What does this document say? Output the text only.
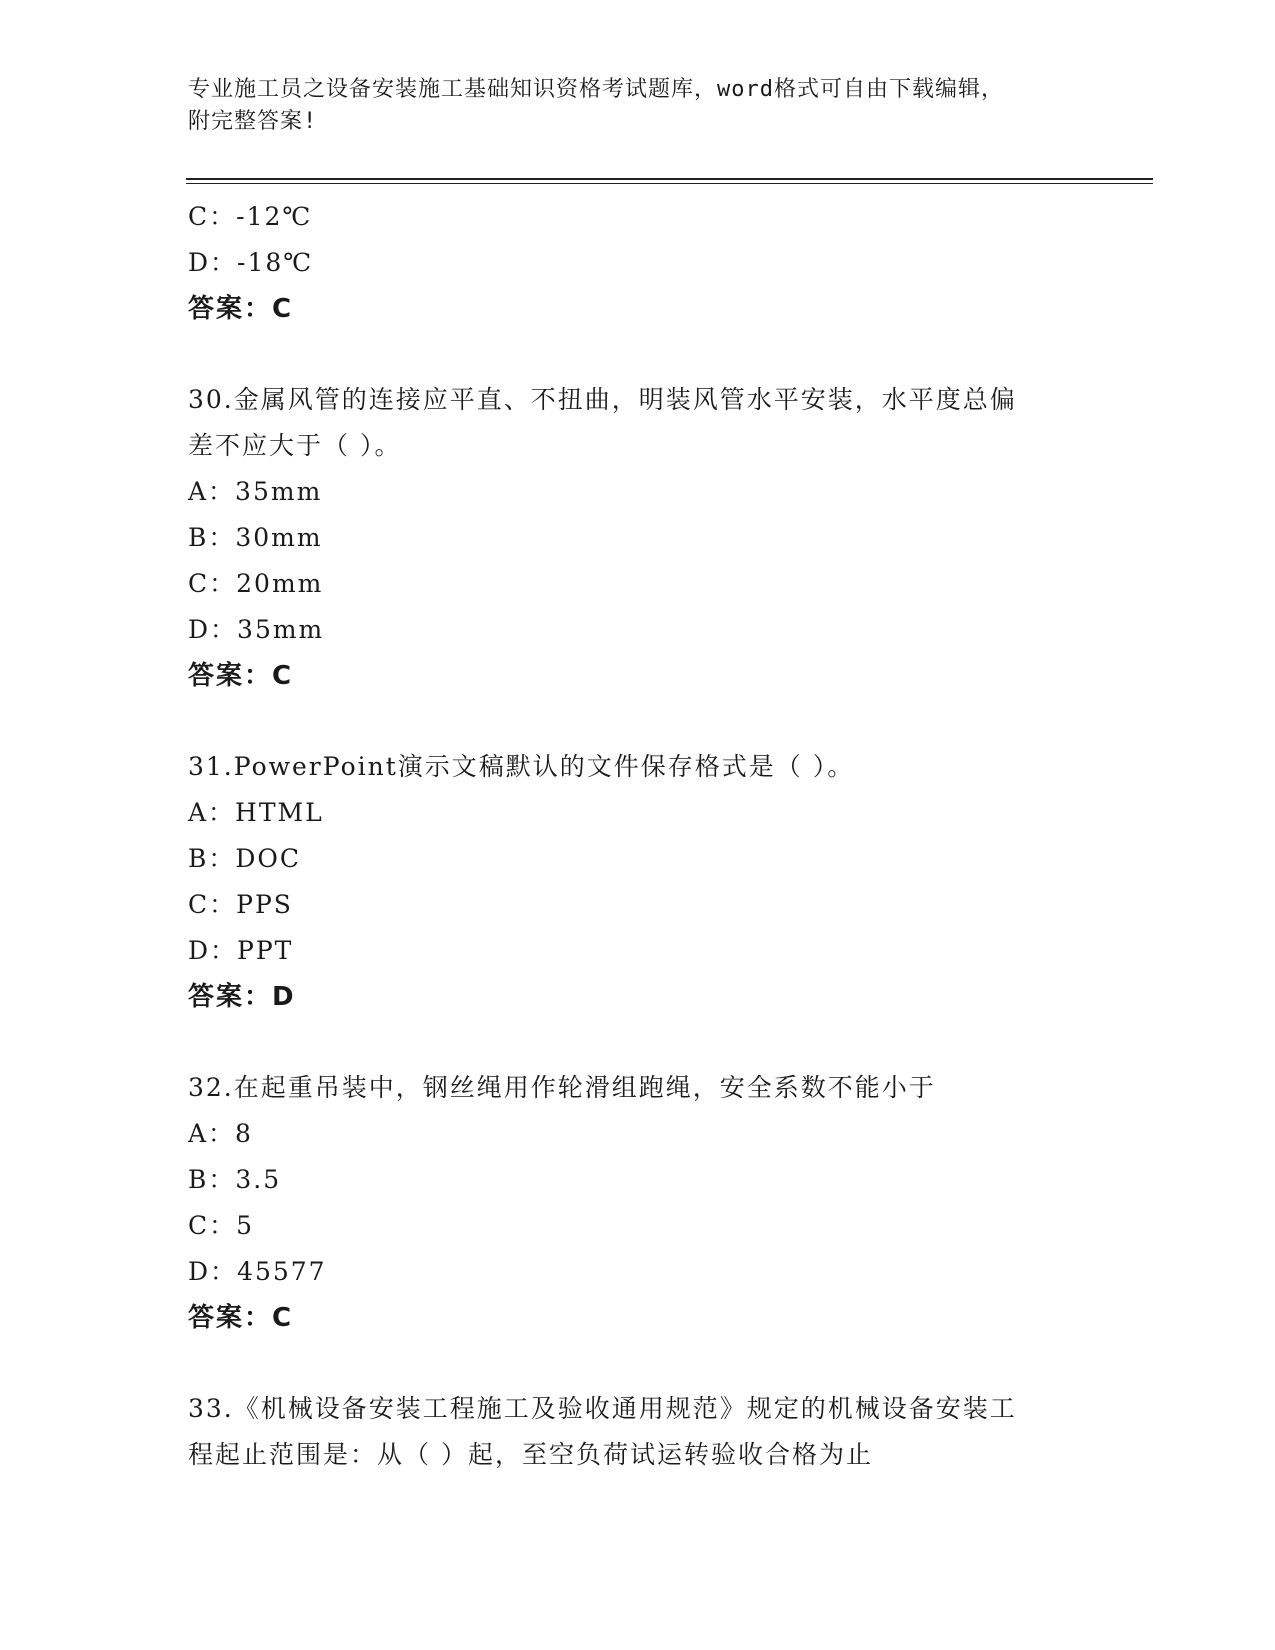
专业施工员之设备安装施工基础知识资格考试题库，word格式可自由下载编辑，
附完整答案!
C：-12℃
D：-18℃
答案：C
30.金属风管的连接应平直、不扭曲，明装风管水平安装，水平度总偏
差不应大于（ ）。
A：35mm
B：30mm
C：20mm
D：35mm
答案：C
31.PowerPoint演示文稿默认的文件保存格式是（ ）。
A：HTML
B：DOC
C：PPS
D：PPT
答案：D
32.在起重吊装中，钢丝绳用作轮滑组跑绳，安全系数不能小于
A：8
B：3.5
C：5
D：45577
答案：C
33.《机械设备安装工程施工及验收通用规范》规定的机械设备安装工
程起止范围是：从（ ）起，至空负荷试运转验收合格为止
